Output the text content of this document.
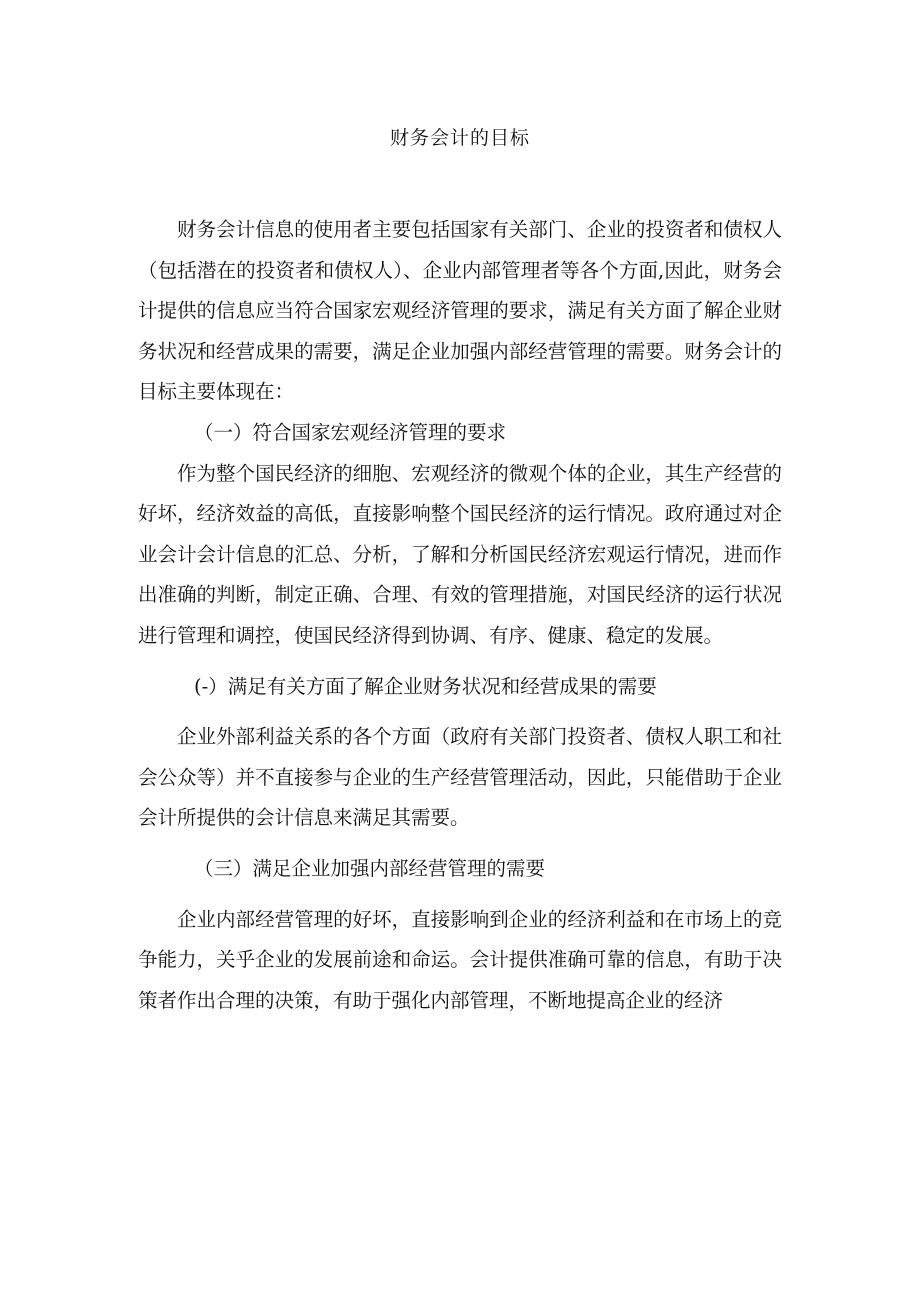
财务会计的目标

财务会计信息的使用者主要包括国家有关部门、企业的投资者和债权人（包括潜在的投资者和债权人）、企业内部管理者等各个方面,因此，财务会计提供的信息应当符合国家宏观经济管理的要求，满足有关方面了解企业财务状况和经营成果的需要，满足企业加强内部经营管理的需要。财务会计的目标主要体现在：

（一）符合国家宏观经济管理的要求

作为整个国民经济的细胞、宏观经济的微观个体的企业，其生产经营的好坏，经济效益的高低，直接影响整个国民经济的运行情况。政府通过对企业会计会计信息的汇总、分析，了解和分析国民经济宏观运行情况，进而作出准确的判断，制定正确、合理、有效的管理措施，对国民经济的运行状况进行管理和调控，使国民经济得到协调、有序、健康、稳定的发展。

(-）满足有关方面了解企业财务状况和经营成果的需要

企业外部利益关系的各个方面（政府有关部门投资者、债权人职工和社会公众等）并不直接参与企业的生产经营管理活动，因此，只能借助于企业会计所提供的会计信息来满足其需要。

（三）满足企业加强内部经营管理的需要

企业内部经营管理的好坏，直接影响到企业的经济利益和在市场上的竞争能力，关乎企业的发展前途和命运。会计提供准确可靠的信息，有助于决策者作出合理的决策，有助于强化内部管理，不断地提高企业的经济
